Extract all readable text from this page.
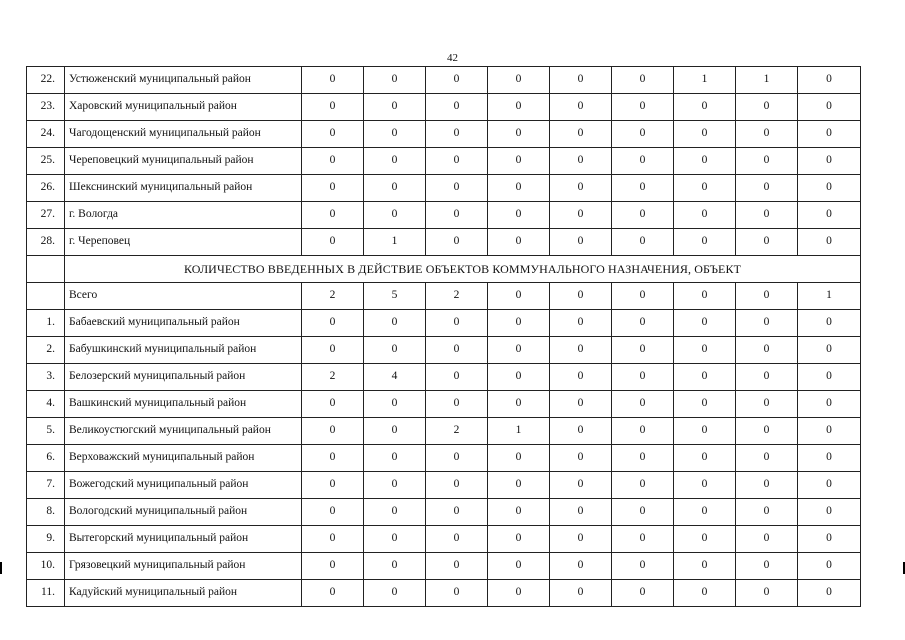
42
22.	Устюженский муниципальный район	0	0	0	0	0	0	1	1	0
23.	Харовский муниципальный район	0	0	0	0	0	0	0	0	0
24.	Чагодощенский муниципальный район	0	0	0	0	0	0	0	0	0
25.	Череповецкий муниципальный район	0	0	0	0	0	0	0	0	0
26.	Шекснинский муниципальный район	0	0	0	0	0	0	0	0	0
27.	г. Вологда	0	0	0	0	0	0	0	0	0
28.	г. Череповец	0	1	0	0	0	0	0	0	0
	КОЛИЧЕСТВО ВВЕДЕННЫХ В ДЕЙСТВИЕ ОБЪЕКТОВ КОММУНАЛЬНОГО НАЗНАЧЕНИЯ, ОБЪЕКТ									
	Всего	2	5	2	0	0	0	0	0	1
1.	Бабаевский муниципальный район	0	0	0	0	0	0	0	0	0
2.	Бабушкинский муниципальный район	0	0	0	0	0	0	0	0	0
3.	Белозерский муниципальный район	2	4	0	0	0	0	0	0	0
4.	Вашкинский муниципальный район	0	0	0	0	0	0	0	0	0
5.	Великоустюгский муниципальный район	0	0	2	1	0	0	0	0	0
6.	Верховажский муниципальный район	0	0	0	0	0	0	0	0	0
7.	Вожегодский муниципальный район	0	0	0	0	0	0	0	0	0
8.	Вологодский муниципальный район	0	0	0	0	0	0	0	0	0
9.	Вытегорский муниципальный район	0	0	0	0	0	0	0	0	0
10.	Грязовецкий муниципальный район	0	0	0	0	0	0	0	0	0
11.	Кадуйский муниципальный район	0	0	0	0	0	0	0	0	0
